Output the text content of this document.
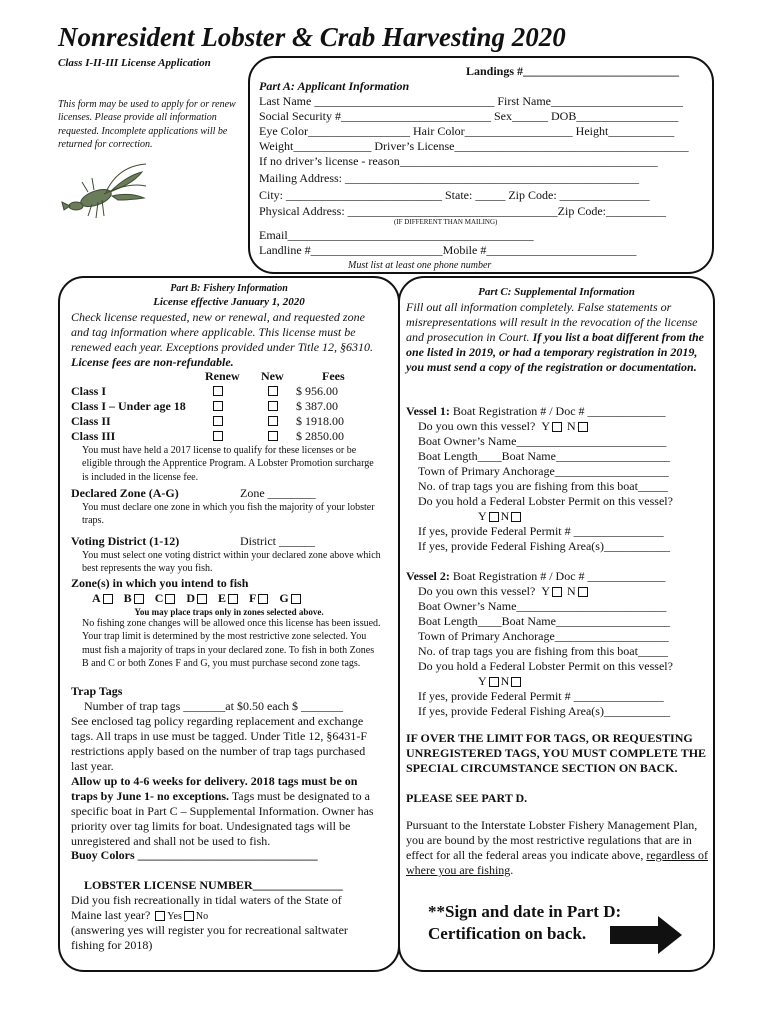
Nonresident Lobster & Crab Harvesting 2020
Class I-II-III License Application
This form may be used to apply for or renew licenses. Please provide all information requested. Incomplete applications will be returned for correction.
Landings #__________________________
Part A: Applicant Information
Last Name ______________________________ First Name______________________
Social Security #_________________________ Sex______ DOB_________________
Eye Color_________________ Hair Color__________________ Height___________
Weight_____________ Driver’s License_______________________________________
If no driver’s license - reason___________________________________________
Mailing Address: _________________________________________________
City: __________________________ State: _____ Zip Code: _______________
Physical Address: ___________________________________Zip Code:__________
(IF DIFFERENT THAN MAILING)
Email_________________________________________
Landline #______________________Mobile #_________________________
Must list at least one phone number
Part B: Fishery Information
License effective January 1, 2020
Check license requested, new or renewal, and requested zone and tag information where applicable. This license must be renewed each year. Exceptions provided under Title 12, §6310. License fees are non-refundable.
Renew New	Fees
Class I	$ 956.00
Class I – Under age 18	$ 387.00
Class II	$ 1918.00
Class III	$ 2850.00
You must have held a 2017 license to qualify for these licenses or be eligible through the Apprentice Program. A Lobster Promotion surcharge is included in the license fee.
Declared Zone (A-G)	Zone ________
You must declare one zone in which you fish the majority of your lobster traps.
Voting District (1-12)	District ______
You must select one voting district within your declared zone above which best represents the way you fish.
Zone(s) in which you intend to fish
A B C D E F G
You may place traps only in zones selected above.
No fishing zone changes will be allowed once this license has been issued. Your trap limit is determined by the most restrictive zone selected. You must fish a majority of traps in your declared zone. To fish in both Zones B and C or both Zones F and G, you must purchase second zone tags.
Trap Tags
Number of trap tags _______at $0.50 each $ _______
See enclosed tag policy regarding replacement and exchange tags. All traps in use must be tagged. Under Title 12, §6431-F restrictions apply based on the number of trap tags purchased last year.
Allow up to 4-6 weeks for delivery. 2018 tags must be on traps by June 1- no exceptions. Tags must be designated to a specific boat in Part C – Supplemental Information. Owner has priority over tag limits for boat. Undesignated tags will be unregistered and shall not be used to fish.
Buoy Colors ______________________________
LOBSTER LICENSE NUMBER_______________
Did you fish recreationally in tidal waters of the State of
Maine last year? Yes No
(answering yes will register you for recreational saltwater fishing for 2018)
Part C: Supplemental Information
Fill out all information completely. False statements or misrepresentations will result in the revocation of the license and prosecution in Court. If you list a boat different from the one listed in 2019, or had a temporary registration in 2019, you must send a copy of the registration or documentation.
Vessel 1: Boat Registration # / Doc # _____________
Do you own this vessel? Y N
Boat Owner’s Name_________________________
Boat Length____Boat Name___________________
Town of Primary Anchorage___________________
No. of trap tags you are fishing from this boat_____
Do you hold a Federal Lobster Permit on this vessel?
Y N
If yes, provide Federal Permit # _______________
If yes, provide Federal Fishing Area(s)___________
Vessel 2: Boat Registration # / Doc # _____________
Do you own this vessel? Y N
Boat Owner’s Name_________________________
Boat Length____Boat Name___________________
Town of Primary Anchorage___________________
No. of trap tags you are fishing from this boat_____
Do you hold a Federal Lobster Permit on this vessel?
Y N
If yes, provide Federal Permit # _______________
If yes, provide Federal Fishing Area(s)___________
IF OVER THE LIMIT FOR TAGS, OR REQUESTING UNREGISTERED TAGS, YOU MUST COMPLETE THE SPECIAL CIRCUMSTANCE SECTION ON BACK.
PLEASE SEE PART D.
Pursuant to the Interstate Lobster Fishery Management Plan, you are bound by the most restrictive regulations that are in effect for all the federal areas you indicate above, regardless of where you are fishing.
**Sign and date in Part D:
Certification on back.
